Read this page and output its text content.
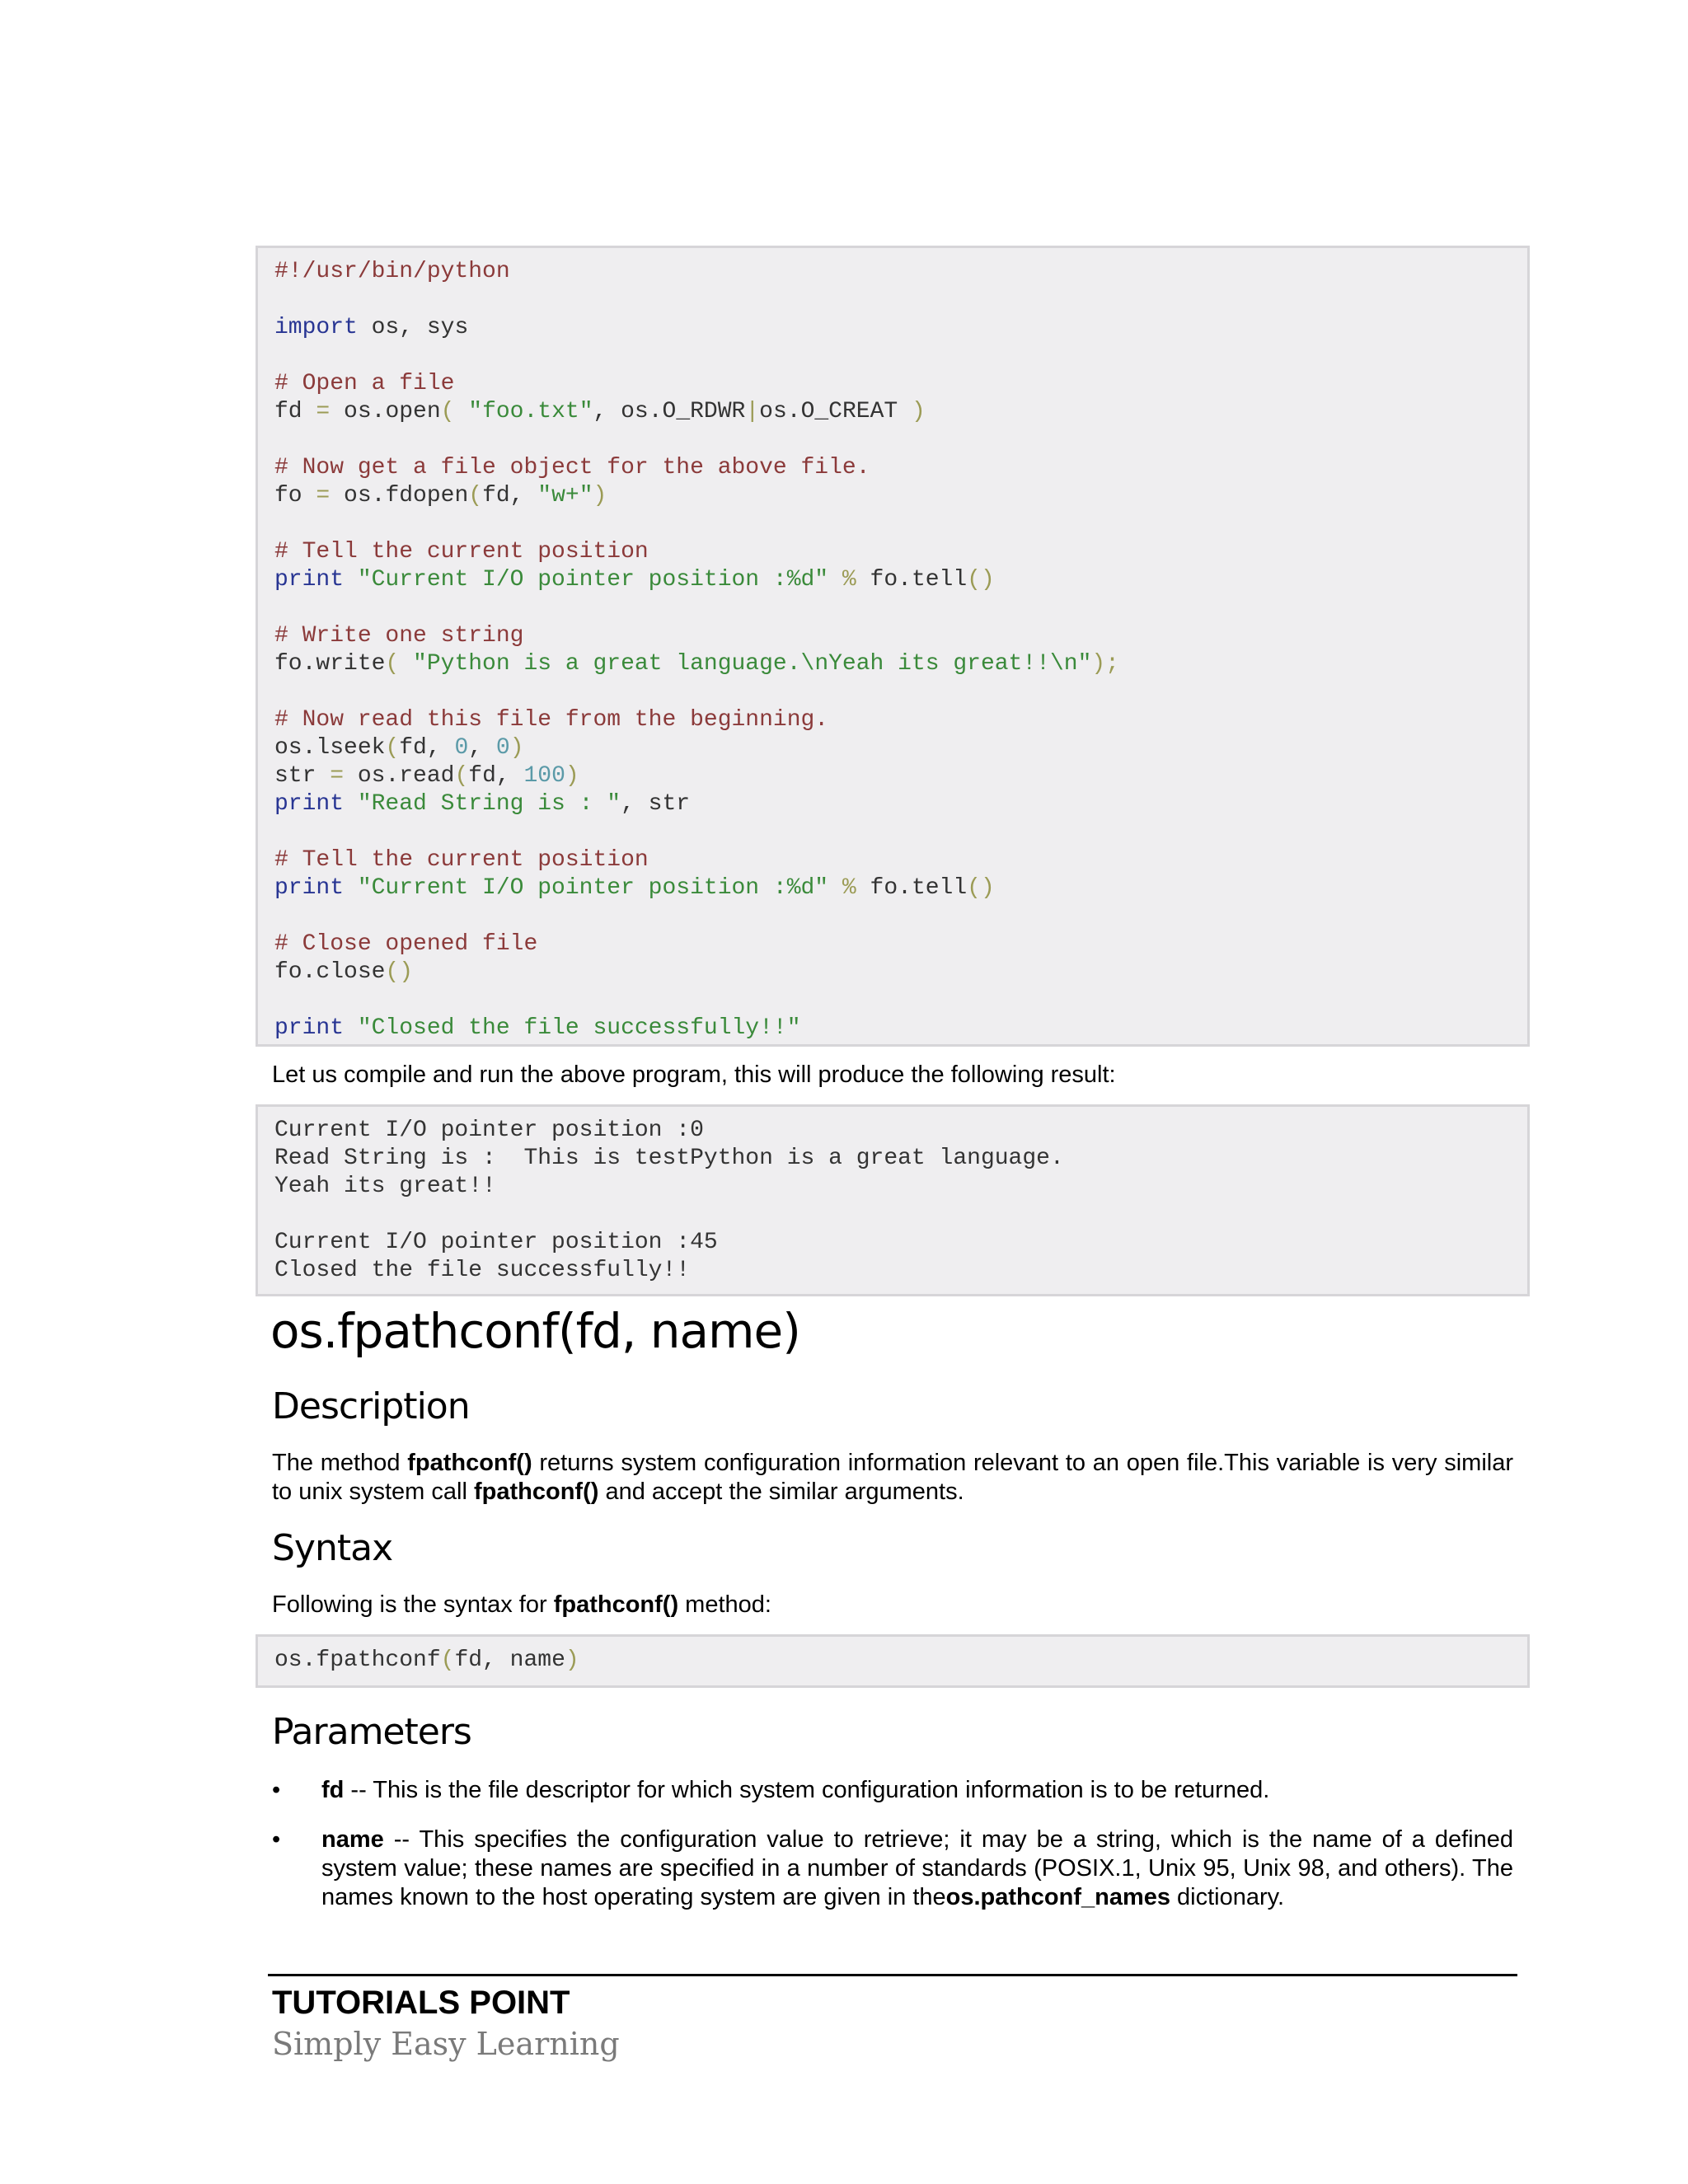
#!/usr/bin/python

import os, sys

# Open a file
fd = os.open( "foo.txt", os.O_RDWR|os.O_CREAT )

# Now get a file object for the above file.
fo = os.fdopen(fd, "w+")

# Tell the current position
print "Current I/O pointer position :%d" % fo.tell()

# Write one string
fo.write( "Python is a great language.\nYeah its great!!\n");

# Now read this file from the beginning.
os.lseek(fd, 0, 0)
str = os.read(fd, 100)
print "Read String is : ", str

# Tell the current position
print "Current I/O pointer position :%d" % fo.tell()

# Close opened file
fo.close()

print "Closed the file successfully!!"
Let us compile and run the above program, this will produce the following result:
Current I/O pointer position :0
Read String is :  This is testPython is a great language.
Yeah its great!!

Current I/O pointer position :45
Closed the file successfully!!
os.fpathconf(fd, name)
Description
The method fpathconf() returns system configuration information relevant to an open file.This variable is very similar to unix system call fpathconf() and accept the similar arguments.
Syntax
Following is the syntax for fpathconf() method:
os.fpathconf(fd, name)
Parameters
• fd -- This is the file descriptor for which system configuration information is to be returned.
• name -- This specifies the configuration value to retrieve; it may be a string, which is the name of a defined system value; these names are specified in a number of standards (POSIX.1, Unix 95, Unix 98, and others). The names known to the host operating system are given in theos.pathconf_names dictionary.
TUTORIALS POINT
Simply Easy Learning
